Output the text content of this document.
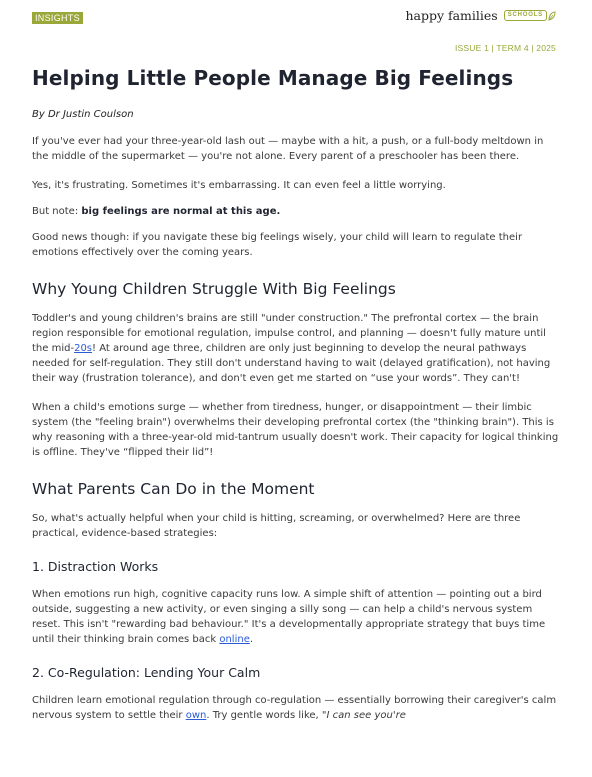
INSIGHTS	happy families	SCHOOLS
ISSUE 1 | TERM 4 | 2025
Helping Little People Manage Big Feelings
By Dr Justin Coulson

If you've ever had your three-year-old lash out — maybe with a hit, a push, or a full-body meltdown in the middle of the supermarket — you're not alone. Every parent of a preschooler has been there.

Yes, it's frustrating. Sometimes it's embarrassing. It can even feel a little worrying.

But note: big feelings are normal at this age.

Good news though: if you navigate these big feelings wisely, your child will learn to regulate their emotions effectively over the coming years.

Why Young Children Struggle With Big Feelings

Toddler's and young children's brains are still "under construction." The prefrontal cortex — the brain region responsible for emotional regulation, impulse control, and planning — doesn't fully mature until the mid-20s! At around age three, children are only just beginning to develop the neural pathways needed for self-regulation. They still don't understand having to wait (delayed gratification), not having their way (frustration tolerance), and don't even get me started on “use your words”. They can't!

When a child's emotions surge — whether from tiredness, hunger, or disappointment — their limbic system (the "feeling brain") overwhelms their developing prefrontal cortex (the "thinking brain"). This is why reasoning with a three-year-old mid-tantrum usually doesn't work. Their capacity for logical thinking is offline. They've “flipped their lid”!

What Parents Can Do in the Moment

So, what's actually helpful when your child is hitting, screaming, or overwhelmed? Here are three practical, evidence-based strategies:

1. Distraction Works

When emotions run high, cognitive capacity runs low. A simple shift of attention — pointing out a bird outside, suggesting a new activity, or even singing a silly song — can help a child's nervous system reset. This isn't "rewarding bad behaviour." It's a developmentally appropriate strategy that buys time until their thinking brain comes back online.

2. Co-Regulation: Lending Your Calm

Children learn emotional regulation through co-regulation — essentially borrowing their caregiver's calm nervous system to settle their own. Try gentle words like, "I can see you're
